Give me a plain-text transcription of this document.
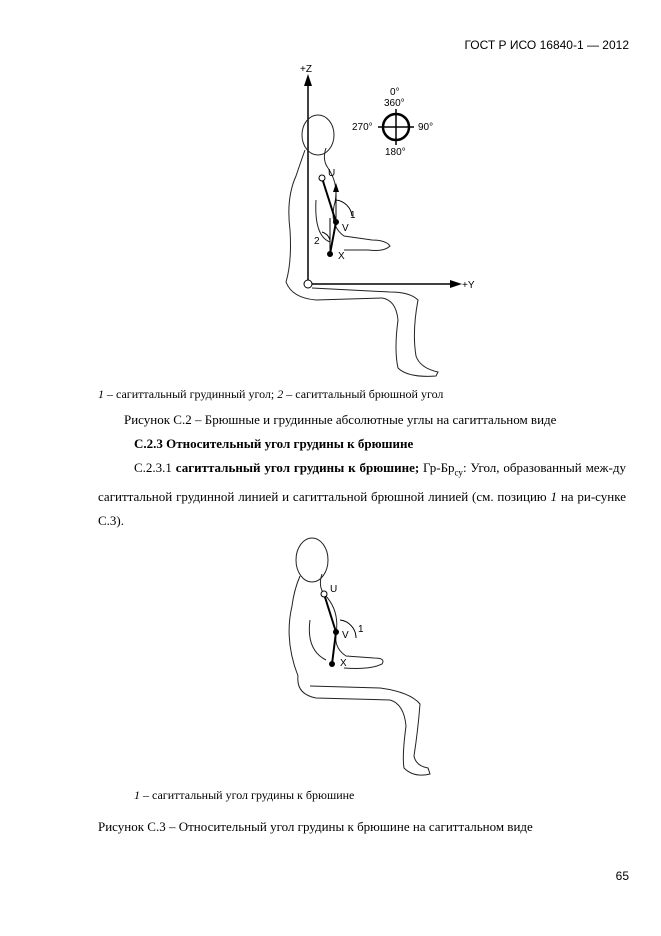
ГОСТ Р ИСО 16840-1 — 2012
+Z
+Y
0°
360°
270°	90°
180°
U
V
X
1
2
1 – сагиттальный грудинный угол; 2 – сагиттальный брюшной угол
Рисунок С.2 – Брюшные и грудинные абсолютные углы на сагиттальном виде
С.2.3 Относительный угол грудины к брюшине
С.2.3.1 сагиттальный угол грудины к брюшине; $Гр-Бр_{су}$: Угол, образованный меж-ду сагиттальной грудинной линией и сагиттальной брюшной линией (см. позицию 1 на ри-сунке С.3).
U
V
X
1
1 – сагиттальный угол грудины к брюшине
Рисунок С.3 – Относительный угол грудины к брюшине на сагиттальном виде
65
